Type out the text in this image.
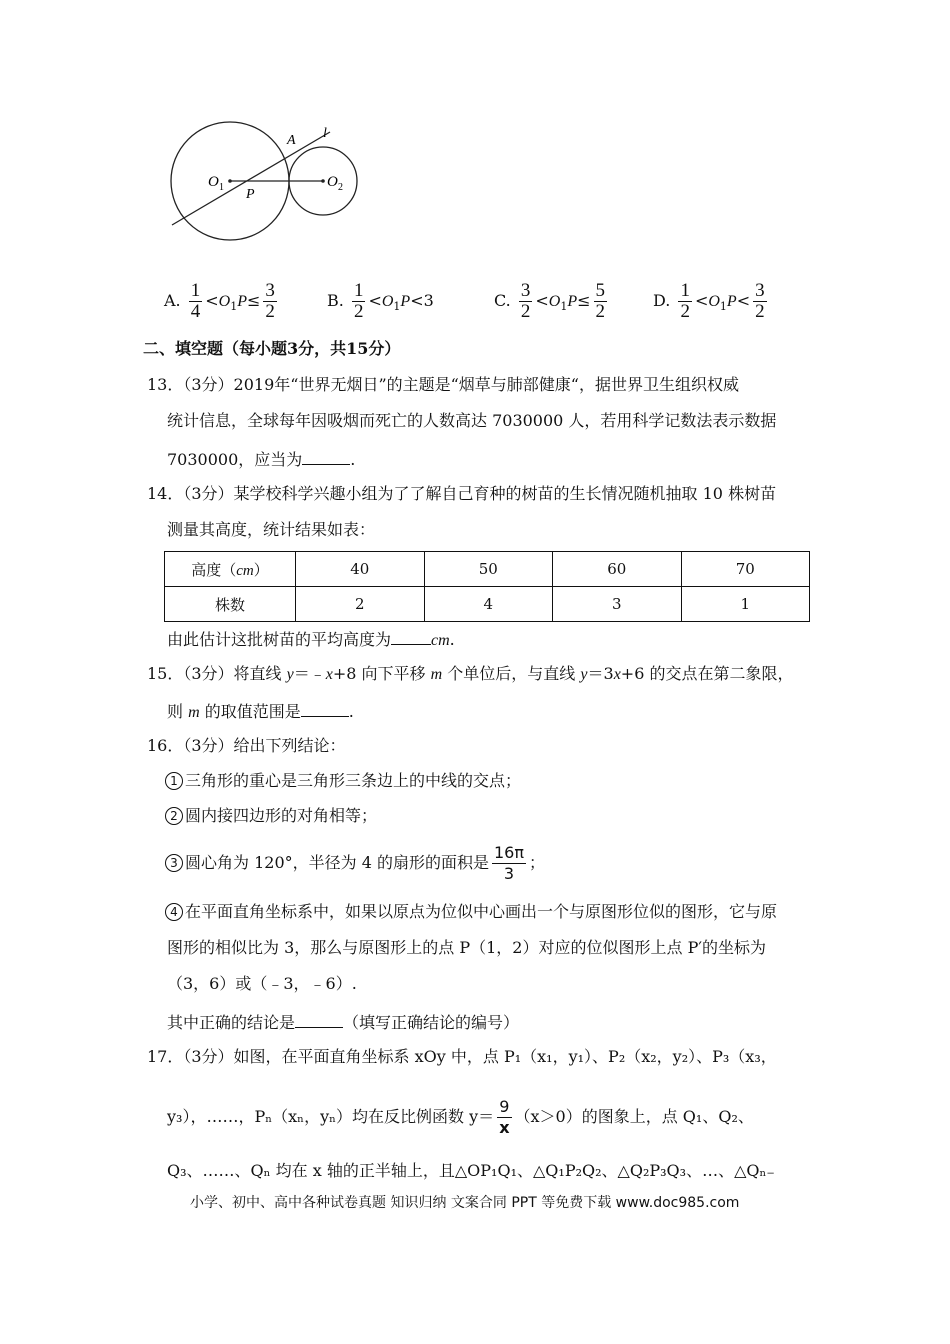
A l
O 1 P
O 2
A. $\frac{1}{4} <O_1P\le \frac{3}{2}$	B. $\frac{1}{2} <O_1P<3$	C. $\frac{3}{2} <O_1P\le \frac{5}{2}$	D. $\frac{1}{2} <O_1P< \frac{3}{2}$
二、填空题（每小题3分，共15分）
13．（3分）2019年“世界无烟日”的主题是“烟草与肺部健康“，据世界卫生组织权威
统计信息，全球每年因吸烟而死亡的人数高达 7030000 人，若用科学记数法表示数据
7030000，应当为	.
14．（3分）某学校科学兴趣小组为了了解自己育种的树苗的生长情况随机抽取 10 株树苗
测量其高度，统计结果如表：
高度（cm）	40	50	60	70
株数	2	4	3	1
由此估计这批树苗的平均高度为	cm.
15．（3分）将直线 y＝﹣x+8 向下平移 m 个单位后，与直线 y＝3x+6 的交点在第二象限，
则 m 的取值范围是	.
16．（3分）给出下列结论：
1 三角形的重心是三角形三条边上的中线的交点；
2 圆内接四边形的对角相等；
3 圆心角为 120°，半径为 4 的扇形的面积是 $\frac{16\pi}{3}$ ；
4 在平面直角坐标系中，如果以原点为位似中心画出一个与原图形位似的图形，它与原
图形的相似比为 3，那么与原图形上的点 P（1，2）对应的位似图形上点 P′的坐标为
（3，6）或（﹣3，﹣6）.
其中正确的结论是	（填写正确结论的编号）
17．（3分）如图，在平面直角坐标系 xOy 中，点 P₁（x₁，y₁）、P₂（x₂，y₂）、P₃（x₃，
y₃），……，Pₙ（xₙ，yₙ）均在反比例函数 $y= \frac{9}{x} (x>0)$的图象上，点 Q₁、Q₂、
Q₃、……、Qₙ 均在 x 轴的正半轴上，且△OP₁Q₁、△Q₁P₂Q₂、△Q₂P₃Q₃、…、△Qₙ₋
小学、初中、高中各种试卷真题 知识归纳 文案合同 PPT 等免费下载 www.doc985.com
